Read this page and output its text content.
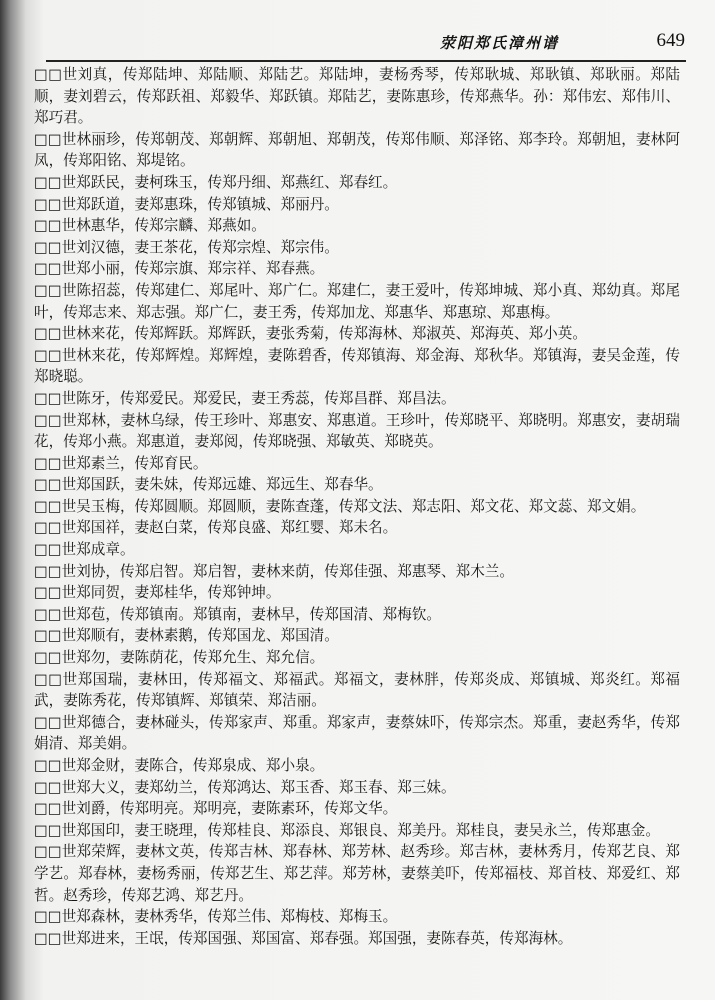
荥阳郑氏漳州谱	649

□□世刘真，传郑陆坤、郑陆顺、郑陆艺。郑陆坤，妻杨秀琴，传郑耿城、郑耿镇、郑耿丽。郑陆顺，妻刘碧云，传郑跃祖、郑毅华、郑跃镇。郑陆艺，妻陈惠珍，传郑燕华。孙：郑伟宏、郑伟川、郑巧君。

□□世林丽珍，传郑朝茂、郑朝辉、郑朝旭、郑朝茂，传郑伟顺、郑泽铭、郑李玲。郑朝旭，妻林阿凤，传郑阳铭、郑堤铭。

□□世郑跃民，妻柯珠玉，传郑丹细、郑燕红、郑春红。

□□世郑跃道，妻郑惠珠，传郑镇城、郑丽丹。

□□世林惠华，传郑宗麟、郑燕如。

□□世刘汉德，妻王茶花，传郑宗煌、郑宗伟。

□□世郑小丽，传郑宗旗、郑宗祥、郑春燕。

□□世陈招蕊，传郑建仁、郑尾叶、郑广仁。郑建仁，妻王爱叶，传郑坤城、郑小真、郑幼真。郑尾叶，传郑志来、郑志强。郑广仁，妻王秀，传郑加龙、郑惠华、郑惠琼、郑惠梅。

□□世林来花，传郑辉跃。郑辉跃，妻张秀菊，传郑海林、郑淑英、郑海英、郑小英。

□□世林来花，传郑辉煌。郑辉煌，妻陈碧香，传郑镇海、郑金海、郑秋华。郑镇海，妻吴金莲，传郑晓聪。

□□世陈牙，传郑爱民。郑爱民，妻王秀蕊，传郑昌群、郑昌法。

□□世郑林，妻林乌绿，传王珍叶、郑惠安、郑惠道。王珍叶，传郑晓平、郑晓明。郑惠安，妻胡瑞花，传郑小燕。郑惠道，妻郑阅，传郑晓强、郑敏英、郑晓英。

□□世郑素兰，传郑育民。

□□世郑国跃，妻朱妹，传郑远雄、郑远生、郑春华。

□□世吴玉梅，传郑圆顺。郑圆顺，妻陈查蓬，传郑文法、郑志阳、郑文花、郑文蕊、郑文娟。

□□世郑国祥，妻赵白菜，传郑良盛、郑红婴、郑未名。

□□世郑成章。

□□世刘协，传郑启智。郑启智，妻林来荫，传郑佳强、郑惠琴、郑木兰。

□□世郑同贺，妻郑桂华，传郑钟坤。

□□世郑苞，传郑镇南。郑镇南，妻林早，传郑国清、郑梅钦。

□□世郑顺有，妻林素鹅，传郑国龙、郑国清。

□□世郑勿，妻陈荫花，传郑允生、郑允信。

□□世郑国瑞，妻林田，传郑福文、郑福武。郑福文，妻林胖，传郑炎成、郑镇城、郑炎红。郑福武，妻陈秀花，传郑镇辉、郑镇荣、郑洁丽。

□□世郑德合，妻林碰头，传郑家声、郑重。郑家声，妻蔡妹吓，传郑宗杰。郑重，妻赵秀华，传郑娟清、郑美娟。

□□世郑金财，妻陈合，传郑泉成、郑小泉。

□□世郑大义，妻郑幼兰，传郑鸿达、郑玉香、郑玉春、郑三妹。

□□世刘爵，传郑明亮。郑明亮，妻陈素环，传郑文华。

□□世郑国印，妻王晓理，传郑桂良、郑添良、郑银良、郑美丹。郑桂良，妻吴永兰，传郑惠金。

□□世郑荣辉，妻林文英，传郑吉林、郑春林、郑芳林、赵秀珍。郑吉林，妻林秀月，传郑艺良、郑学艺。郑春林，妻杨秀丽，传郑艺生、郑艺萍。郑芳林，妻蔡美吓，传郑福枝、郑首枝、郑爱红、郑哲。赵秀珍，传郑艺鸿、郑艺丹。

□□世郑森林，妻林秀华，传郑兰伟、郑梅枝、郑梅玉。

□□世郑进来，王氓，传郑国强、郑国富、郑春强。郑国强，妻陈春英，传郑海林。
